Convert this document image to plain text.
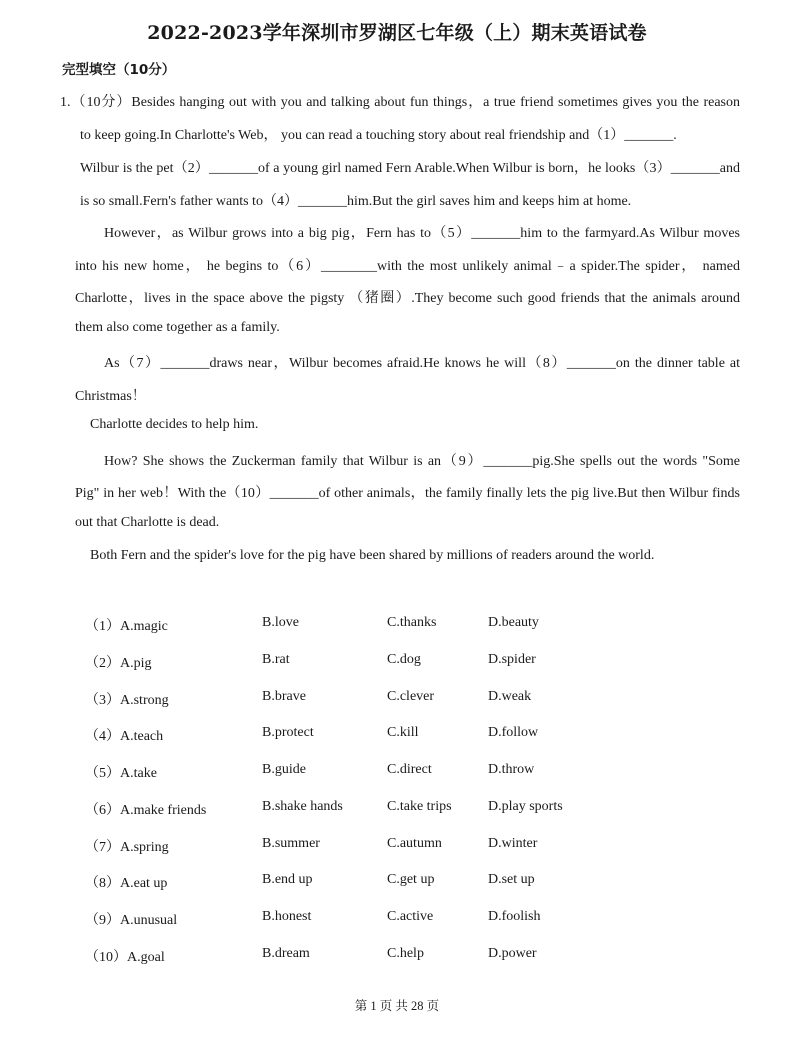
2022-2023学年深圳市罗湖区七年级（上）期末英语试卷
完型填空（10分）
1.（10分）Besides hanging out with you and talking about fun things，a true friend sometimes gives you the reason
to keep going.In Charlotte's Web， you can read a touching story about real friendship and（1）_______.
Wilbur is the pet（2）_______of a young girl named Fern Arable.When Wilbur is born，he looks（3）_______and
is so small.Fern's father wants to（4）_______him.But the girl saves him and keeps him at home.
However，as Wilbur grows into a big pig，Fern has to（5）_______him to the farmyard.As Wilbur moves
into his new home， he begins to（6）________with the most unlikely animal﹣a spider.The spider， named
Charlotte，lives in the space above the pigsty （猪圈）.They become such good friends that the animals around
them also come together as a family.
As（7）_______draws near，Wilbur becomes afraid.He knows he will（8）_______on the dinner table at
Christmas！
Charlotte decides to help him.
How? She shows the Zuckerman family that Wilbur is an（9）_______pig.She spells out the words "Some
Pig" in her web！With the（10）_______of other animals，the family finally lets the pig live.But then Wilbur finds
out that Charlotte is dead.
Both Fern and the spider's love for the pig have been shared by millions of readers around the world.
（1）A.magic	B.love	C.thanks	D.beauty
（2）A.pig	B.rat	C.dog	D.spider
（3）A.strong	B.brave	C.clever	D.weak
（4）A.teach	B.protect	C.kill	D.follow
（5）A.take	B.guide	C.direct	D.throw
（6）A.make friends	B.shake hands	C.take trips	D.play sports
（7）A.spring	B.summer	C.autumn	D.winter
（8）A.eat up	B.end up	C.get up	D.set up
（9）A.unusual	B.honest	C.active	D.foolish
（10）A.goal	B.dream	C.help	D.power
第 1 页 共 28 页
